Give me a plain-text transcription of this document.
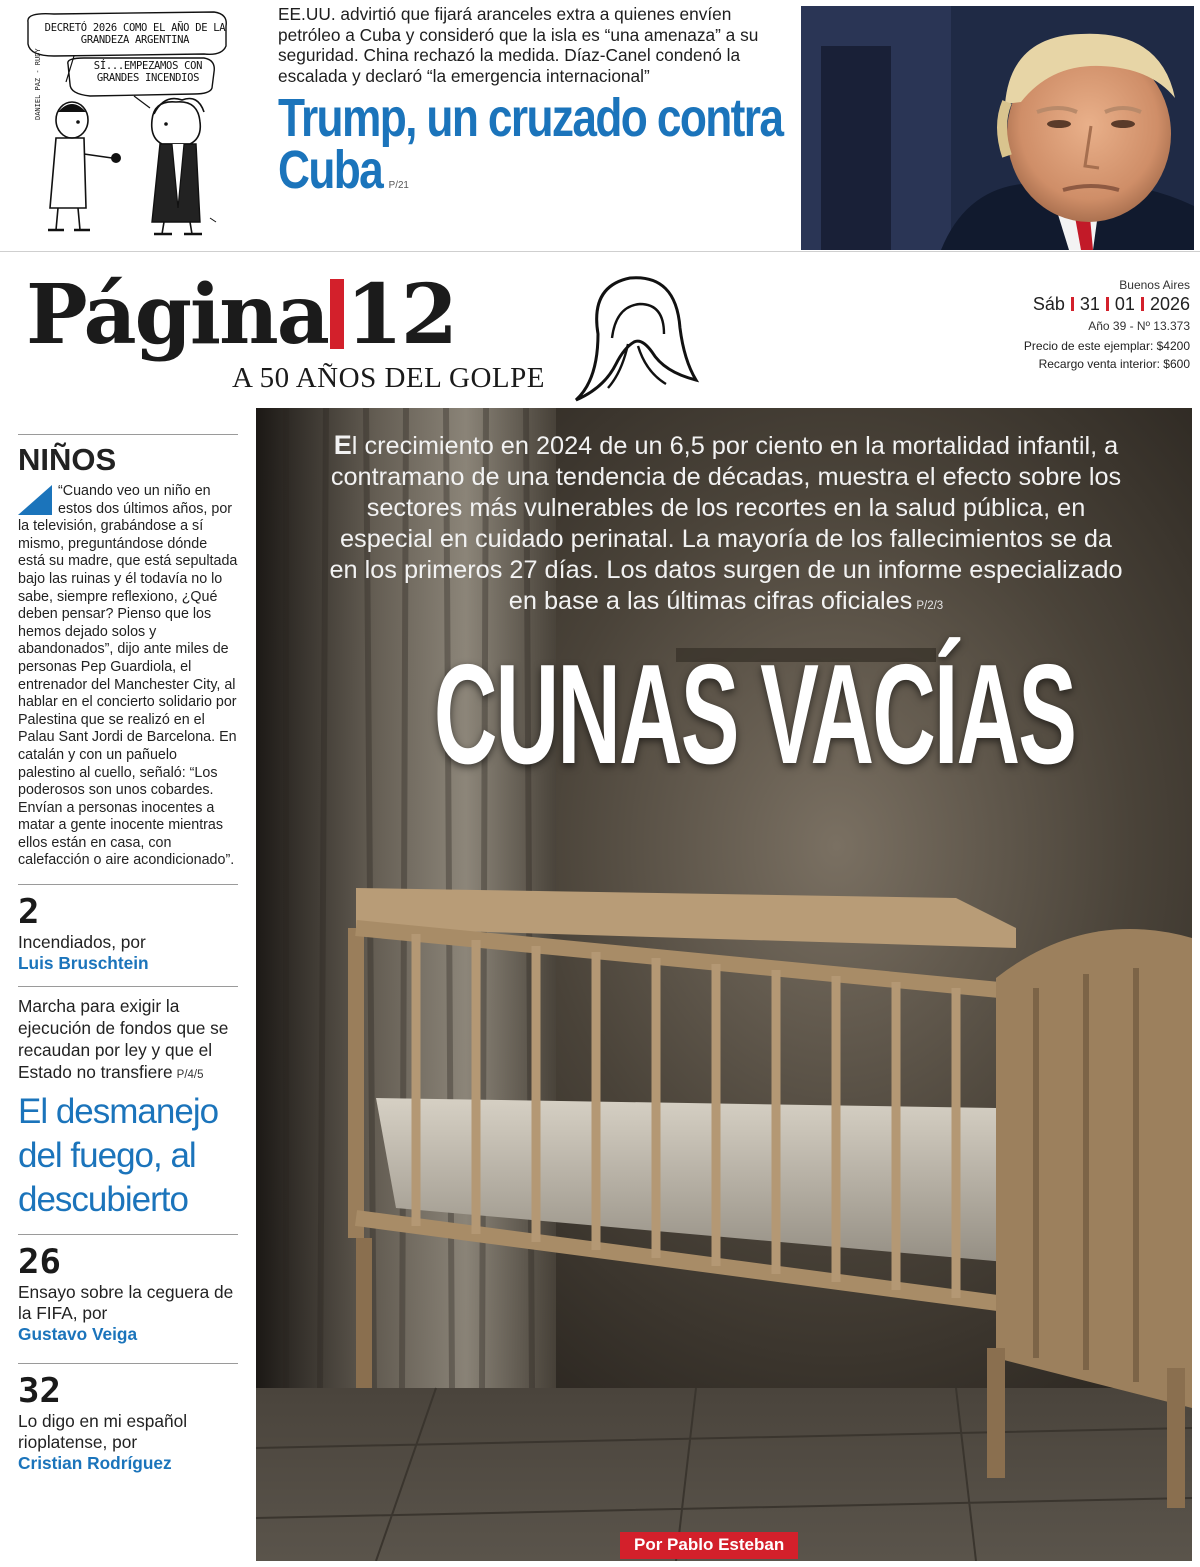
DECRETÓ 2026 COMO EL AÑO DE LA GRANDEZA ARGENTINA
SÍ...EMPEZAMOS CON GRANDES INCENDIOS
DANIEL PAZ - RUDY

EE.UU. advirtió que fijará aranceles extra a quienes envíen petróleo a Cuba y consideró que la isla es “una amenaza” a su seguridad. China rechazó la medida. Díaz-Canel condenó la escalada y declaró “la emergencia internacional”

Trump, un cruzado contra Cuba P/21
Página 12
A 50 AÑOS DEL GOLPE
Buenos Aires
Sáb 31 01 2026
Año 39 - Nº 13.373
Precio de este ejemplar: $4200
Recargo venta interior: $600
NIÑOS
“Cuando veo un niño en estos dos últimos años, por la televisión, grabándose a sí mismo, preguntándose dónde está su madre, que está sepultada bajo las ruinas y él todavía no lo sabe, siempre reflexiono, ¿Qué deben pensar? Pienso que los hemos dejado solos y abandonados”, dijo ante miles de personas Pep Guardiola, el entrenador del Manchester City, al hablar en el concierto solidario por Palestina que se realizó en el Palau Sant Jordi de Barcelona. En catalán y con un pañuelo palestino al cuello, señaló: “Los poderosos son unos cobardes. Envían a personas inocentes a matar a gente inocente mientras ellos están en casa, con calefacción o aire acondicionado”.
2
Incendiados, por
Luis Bruschtein
Marcha para exigir la ejecución de fondos que se recaudan por ley y que el Estado no transfiere P/4/5
El desmanejo del fuego, al descubierto
26
Ensayo sobre la ceguera de la FIFA, por
Gustavo Veiga
32
Lo digo en mi español rioplatense, por
Cristian Rodríguez

El crecimiento en 2024 de un 6,5 por ciento en la mortalidad infantil, a contramano de una tendencia de décadas, muestra el efecto sobre los sectores más vulnerables de los recortes en la salud pública, en especial en cuidado perinatal. La mayoría de los fallecimientos se da en los primeros 27 días. Los datos surgen de un informe especializado en base a las últimas cifras oficiales P/2/3

CUNAS VACÍAS
Por Pablo Esteban
